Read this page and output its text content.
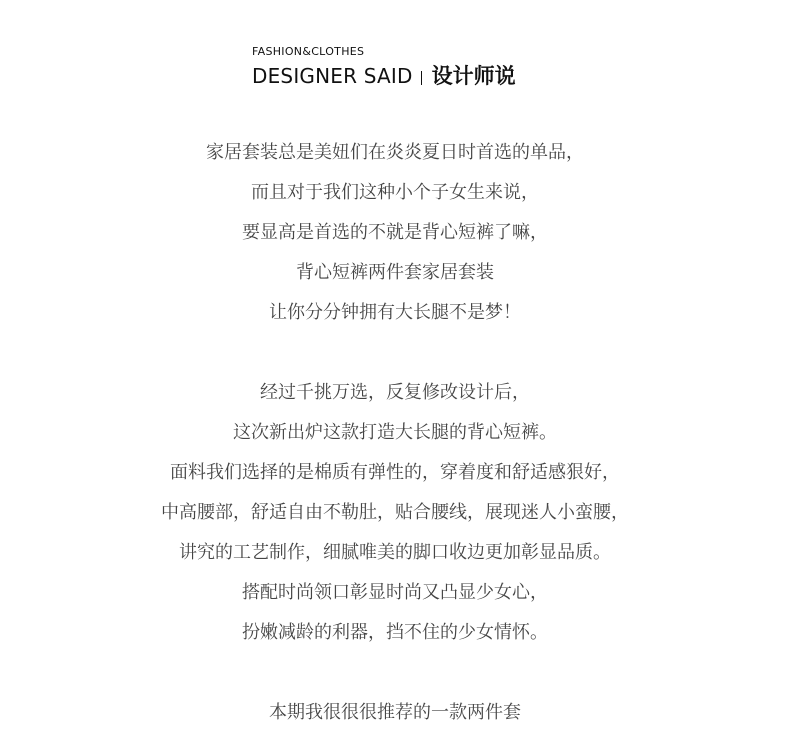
FASHION&CLOTHES
DESIGNER SAID 设计师说
家居套装总是美妞们在炎炎夏日时首选的单品，
而且对于我们这种小个子女生来说，
要显高是首选的不就是背心短裤了嘛，
背心短裤两件套家居套装
让你分分钟拥有大长腿不是梦！
经过千挑万选，反复修改设计后，
这次新出炉这款打造大长腿的背心短裤。
面料我们选择的是棉质有弹性的，穿着度和舒适感狠好，
中高腰部，舒适自由不勒肚，贴合腰线，展现迷人小蛮腰，
讲究的工艺制作，细腻唯美的脚口收边更加彰显品质。
搭配时尚领口彰显时尚又凸显少女心，
扮嫩减龄的利器，挡不住的少女情怀。
本期我很很很推荐的一款两件套
